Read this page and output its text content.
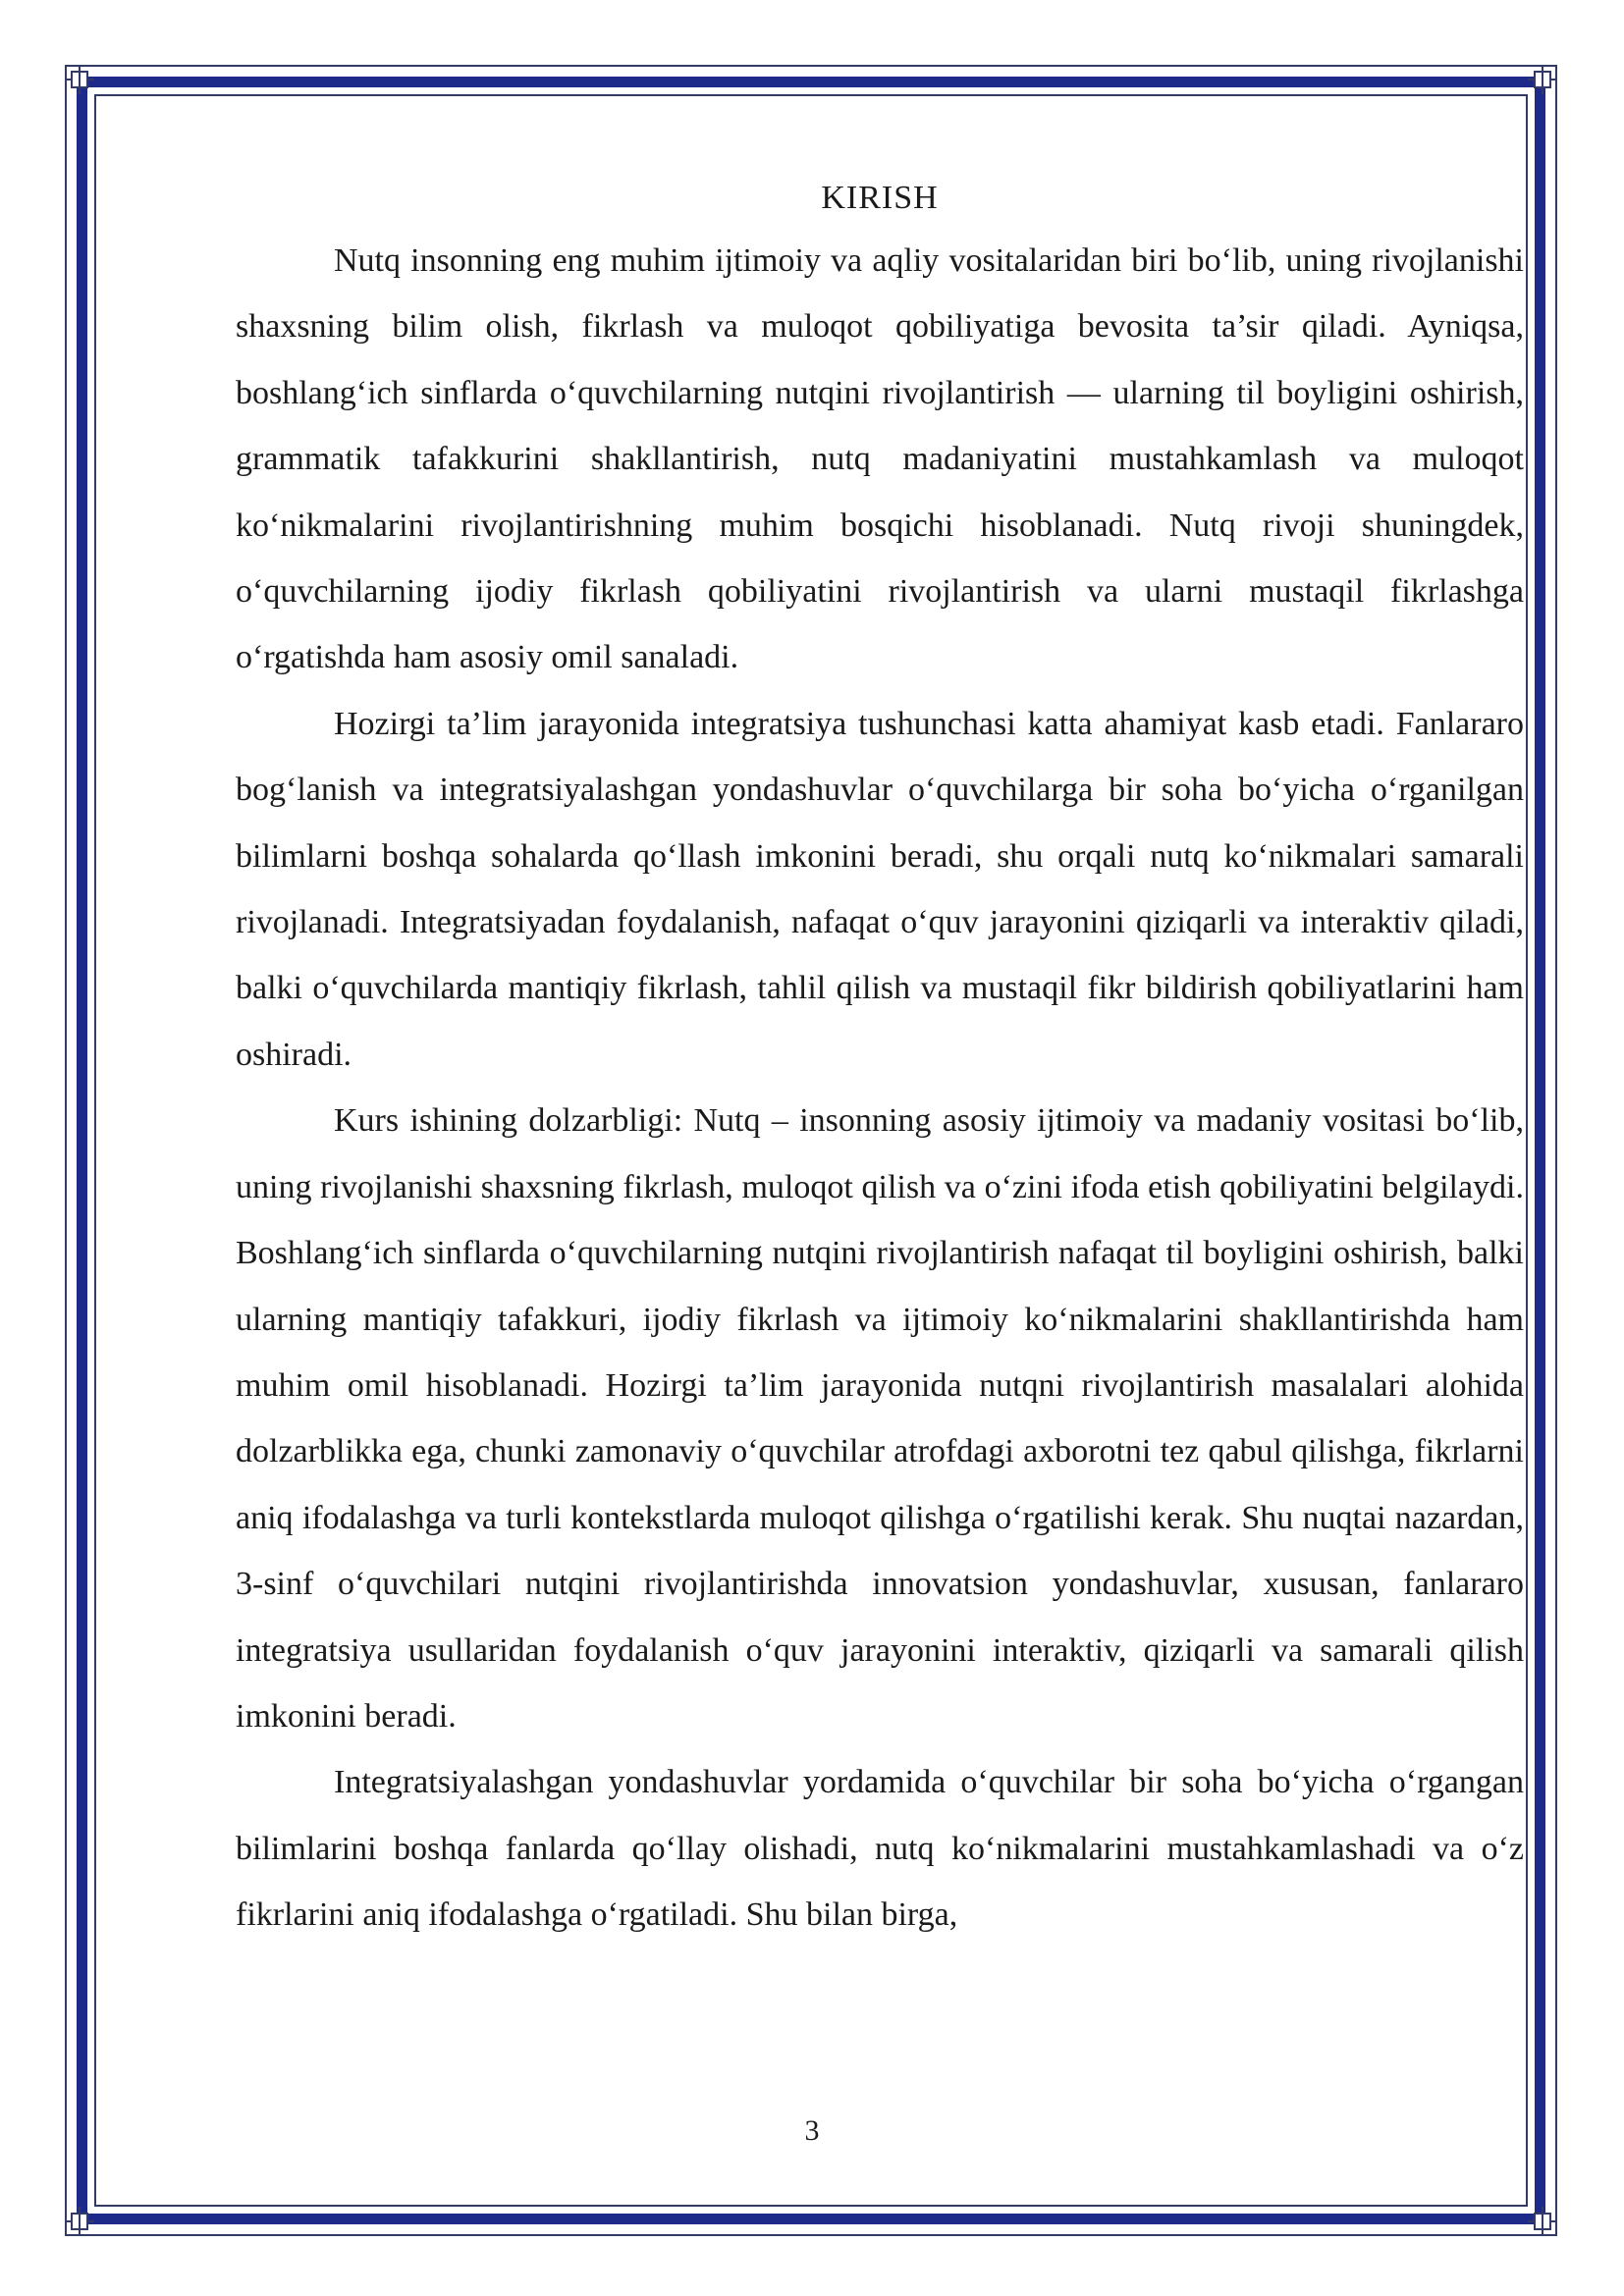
KIRISH

Nutq insonning eng muhim ijtimoiy va aqliy vositalaridan biri bo‘lib, uning rivojlanishi shaxsning bilim olish, fikrlash va muloqot qobiliyatiga bevosita ta’sir qiladi. Ayniqsa, boshlang‘ich sinflarda o‘quvchilarning nutqini rivojlantirish — ularning til boyligini oshirish, grammatik tafakkurini shakllantirish, nutq madaniyatini mustahkamlash va muloqot ko‘nikmalarini rivojlantirishning muhim bosqichi hisoblanadi. Nutq rivoji shuningdek, o‘quvchilarning ijodiy fikrlash qobiliyatini rivojlantirish va ularni mustaqil fikrlashga o‘rgatishda ham asosiy omil sanaladi.

Hozirgi ta’lim jarayonida integratsiya tushunchasi katta ahamiyat kasb etadi. Fanlararo bog‘lanish va integratsiyalashgan yondashuvlar o‘quvchilarga bir soha bo‘yicha o‘rganilgan bilimlarni boshqa sohalarda qo‘llash imkonini beradi, shu orqali nutq ko‘nikmalari samarali rivojlanadi. Integratsiyadan foydalanish, nafaqat o‘quv jarayonini qiziqarli va interaktiv qiladi, balki o‘quvchilarda mantiqiy fikrlash, tahlil qilish va mustaqil fikr bildirish qobiliyatlarini ham oshiradi.

Kurs ishining dolzarbligi: Nutq – insonning asosiy ijtimoiy va madaniy vositasi bo‘lib, uning rivojlanishi shaxsning fikrlash, muloqot qilish va o‘zini ifoda etish qobiliyatini belgilaydi. Boshlang‘ich sinflarda o‘quvchilarning nutqini rivojlantirish nafaqat til boyligini oshirish, balki ularning mantiqiy tafakkuri, ijodiy fikrlash va ijtimoiy ko‘nikmalarini shakllantirishda ham muhim omil hisoblanadi. Hozirgi ta’lim jarayonida nutqni rivojlantirish masalalari alohida dolzarblikka ega, chunki zamonaviy o‘quvchilar atrofdagi axborotni tez qabul qilishga, fikrlarni aniq ifodalashga va turli kontekstlarda muloqot qilishga o‘rgatilishi kerak. Shu nuqtai nazardan, 3-sinf o‘quvchilari nutqini rivojlantirishda innovatsion yondashuvlar, xususan, fanlararo integratsiya usullaridan foydalanish o‘quv jarayonini interaktiv, qiziqarli va samarali qilish imkonini beradi.

Integratsiyalashgan yondashuvlar yordamida o‘quvchilar bir soha bo‘yicha o‘rgangan bilimlarini boshqa fanlarda qo‘llay olishadi, nutq ko‘nikmalarini mustahkamlashadi va o‘z fikrlarini aniq ifodalashga o‘rgatiladi. Shu bilan birga,

3
